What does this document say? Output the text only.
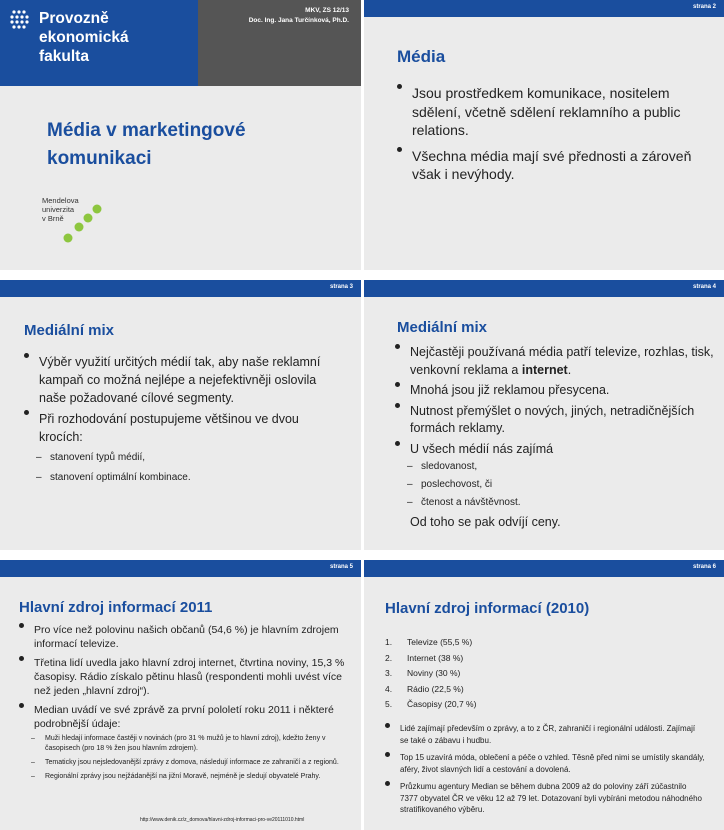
Provozně
ekonomická
fakulta
MKV, ZS 12/13
Doc. Ing. Jana Turčínková, Ph.D.
Média v marketingové
komunikaci
Mendelova
univerzita
v Brně
strana 2
Média
Jsou prostředkem komunikace, nositelem sdělení, včetně sdělení reklamního a public relations.
Všechna média mají své přednosti a zároveň však i nevýhody.
strana 3
Mediální mix
Výběr využití určitých médií tak, aby naše reklamní kampaň co možná nejlépe a nejefektivněji oslovila naše požadované cílové segmenty.
Při rozhodování postupujeme většinou ve dvou krocích:
– stanovení typů médií,
– stanovení optimální kombinace.
strana 4
Mediální mix
Nejčastěji používaná média patří televize, rozhlas, tisk, venkovní reklama a internet.
Mnohá jsou již reklamou přesycena.
Nutnost přemýšlet o nových, jiných, netradičnějších formách reklamy.
U všech médií nás zajímá
– sledovanost,
– poslechovost, či
– čtenost a návštěvnost.
Od toho se pak odvíjí ceny.
strana 5
Hlavní zdroj informací 2011
Pro více než polovinu našich občanů (54,6 %) je hlavním zdrojem informací televize.
Třetina lidí uvedla jako hlavní zdroj internet, čtvrtina noviny, 15,3 % časopisy. Rádio získalo pětinu hlasů (respondenti mohli uvést více než jeden „hlavní zdroj“).
Median uvádí ve své zprávě za první pololetí roku 2011 i některé podrobnější údaje:
– Muži hledají informace častěji v novinách (pro 31 % mužů je to hlavní zdroj), kdežto ženy v časopisech (pro 18 % žen jsou hlavním zdrojem).
– Tematicky jsou nejsledovanější zprávy z domova, následují informace ze zahraničí a z regionů.
– Regionální zprávy jsou nejžádanější na jižní Moravě, nejméně je sledují obyvatelé Prahy.
http://www.denik.cz/z_domova/hlavni-zdroj-informaci-pro-ve20111010.html
strana 6
Hlavní zdroj informací (2010)
1. Televize (55,5 %)
2. Internet (38 %)
3. Noviny (30 %)
4. Rádio (22,5 %)
5. Časopisy (20,7 %)
Lidé zajímají především o zprávy, a to z ČR, zahraničí i regionální události. Zajímají se také o zábavu i hudbu.
Top 15 uzavírá móda, oblečení a péče o vzhled. Těsně před nimi se umístily skandály, aféry, život slavných lidí a cestování a dovolená.
Průzkumu agentury Median se během dubna 2009 až do poloviny září zúčastnilo 7377 obyvatel ČR ve věku 12 až 79 let. Dotazovaní byli vybíráni metodou náhodného stratifikovaného výběru.
